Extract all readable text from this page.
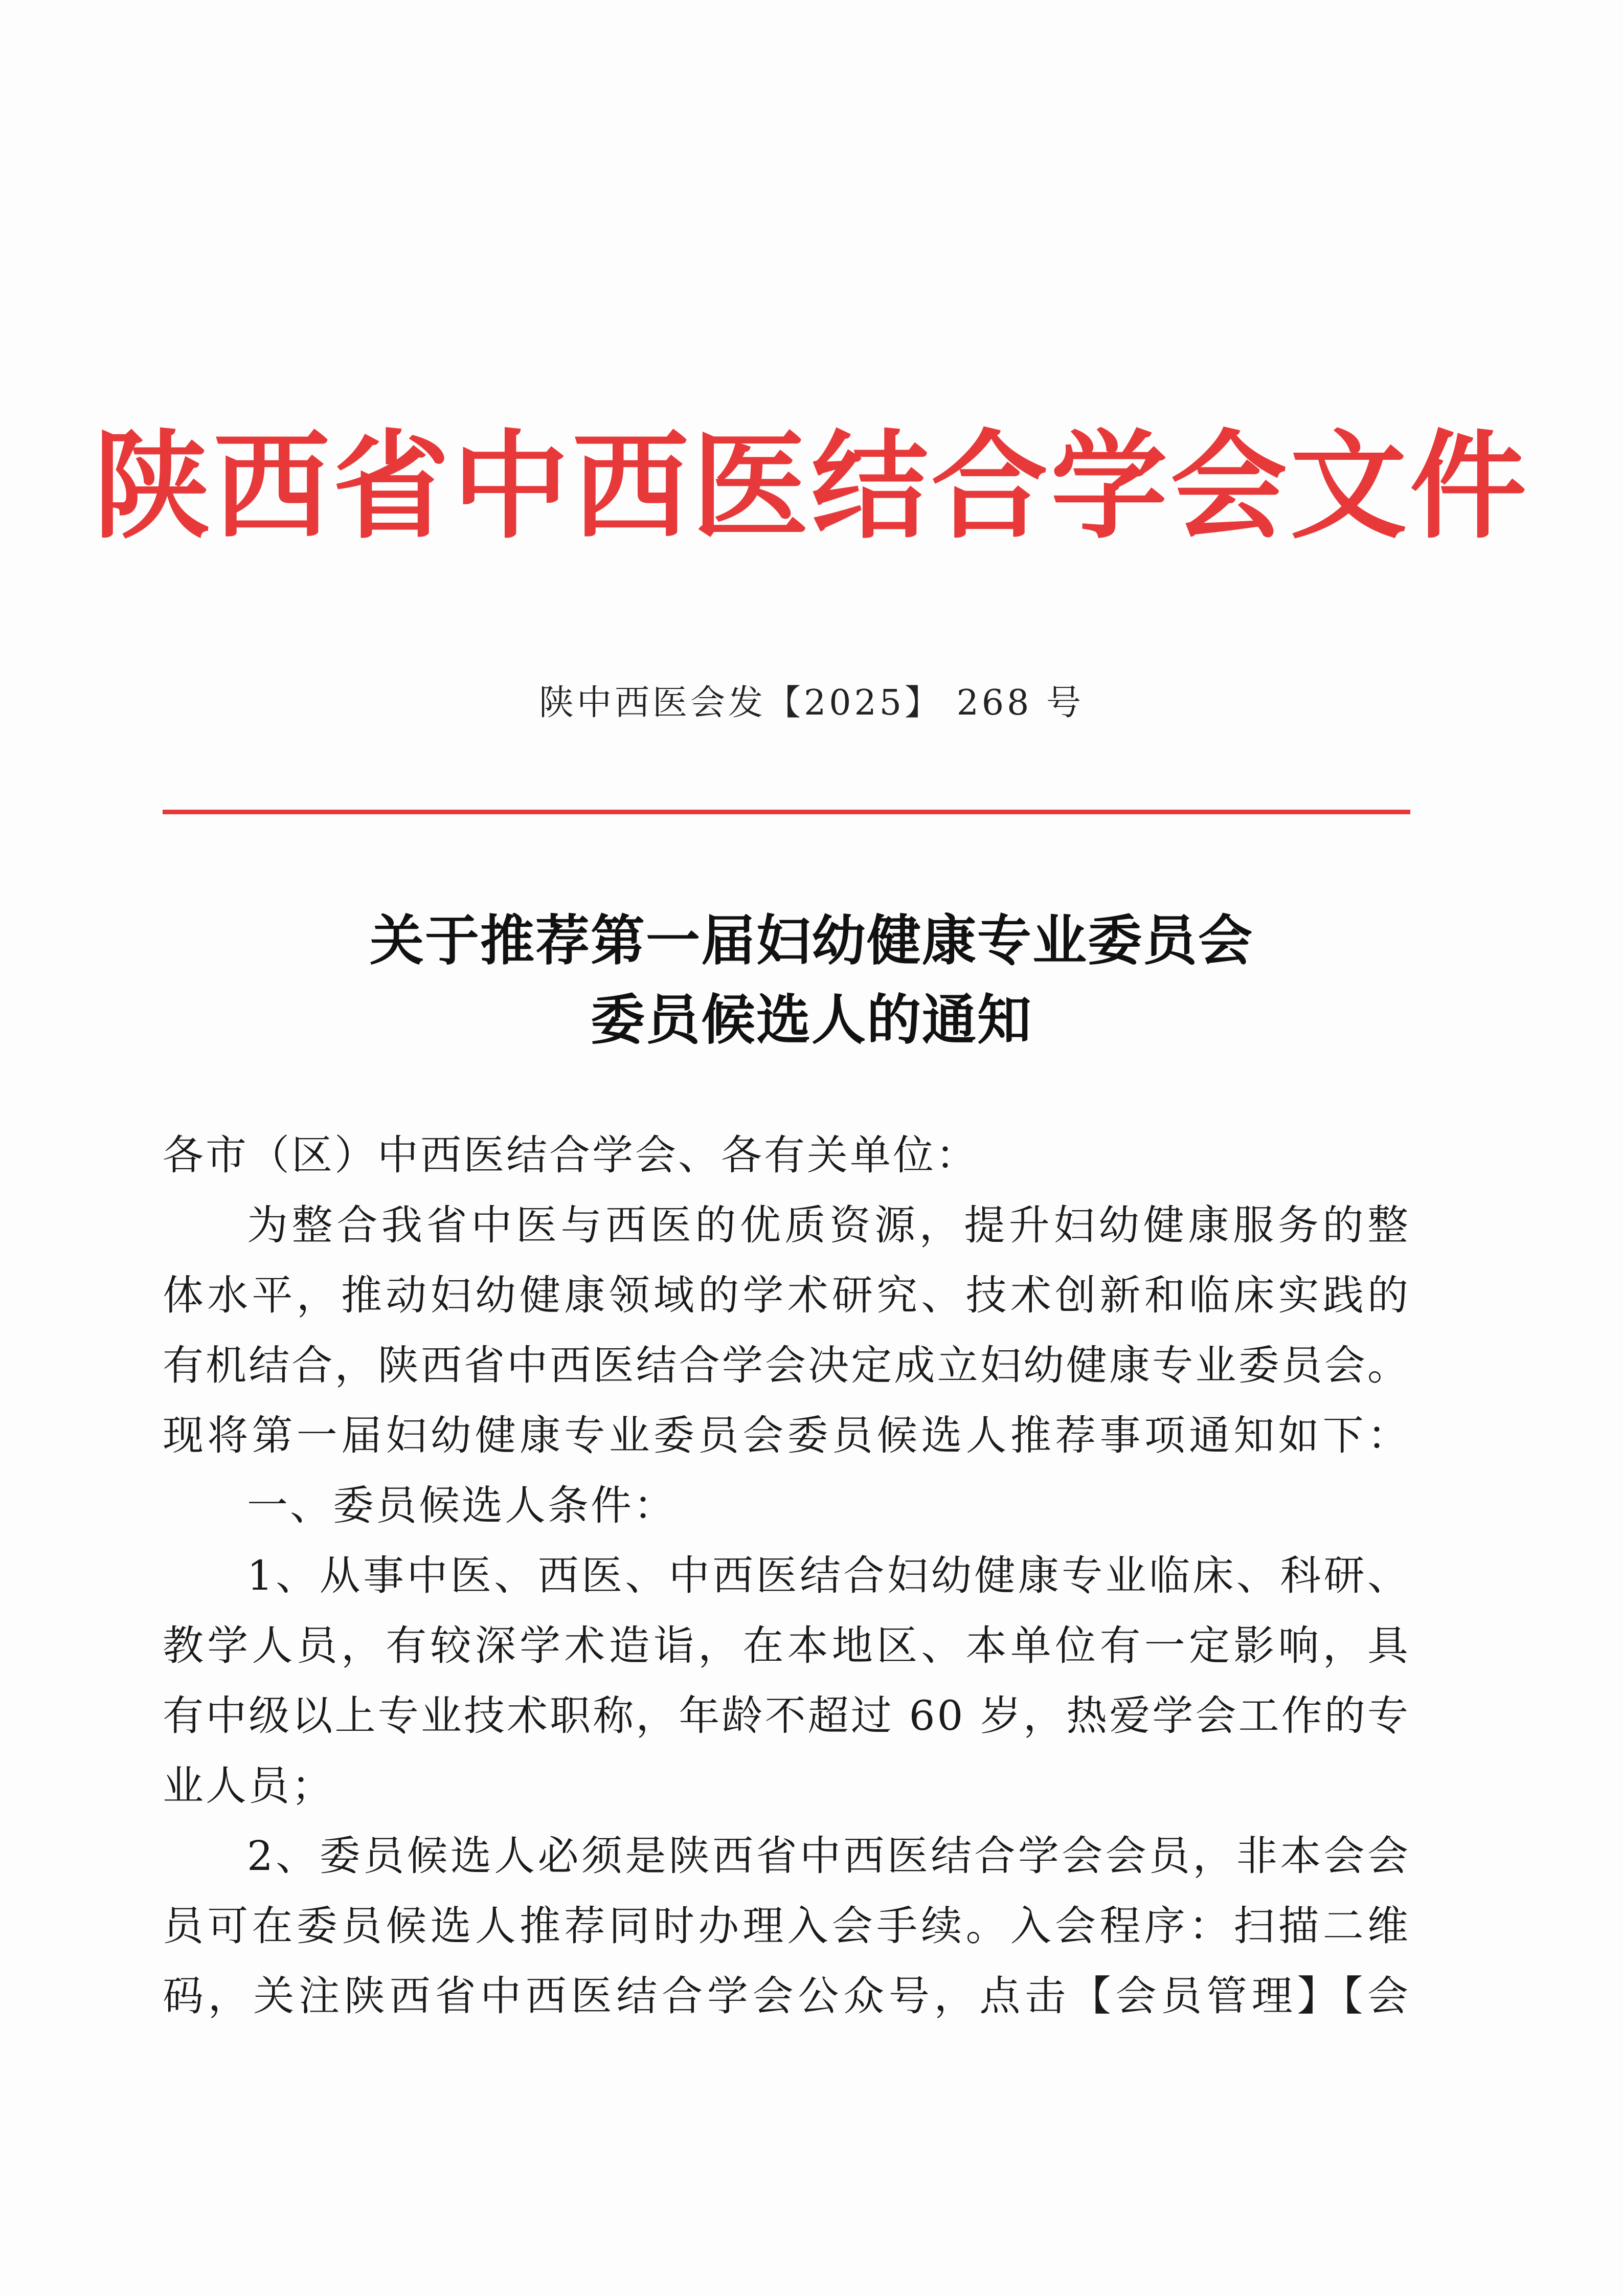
陕西省中西医结合学会文件
陕中西医会发【2025】 268 号
关于推荐第一届妇幼健康专业委员会
委员候选人的通知
各市（区）中西医结合学会、各有关单位：
为整合我省中医与西医的优质资源，提升妇幼健康服务的整
体水平，推动妇幼健康领域的学术研究、技术创新和临床实践的
有机结合，陕西省中西医结合学会决定成立妇幼健康专业委员会。
现将第一届妇幼健康专业委员会委员候选人推荐事项通知如下：
一、委员候选人条件：
1、从事中医、西医、中西医结合妇幼健康专业临床、科研、
教学人员，有较深学术造诣，在本地区、本单位有一定影响，具
有中级以上专业技术职称，年龄不超过 60 岁，热爱学会工作的专
业人员；
2、委员候选人必须是陕西省中西医结合学会会员，非本会会
员可在委员候选人推荐同时办理入会手续。入会程序：扫描二维
码，关注陕西省中西医结合学会公众号，点击【会员管理】【会
